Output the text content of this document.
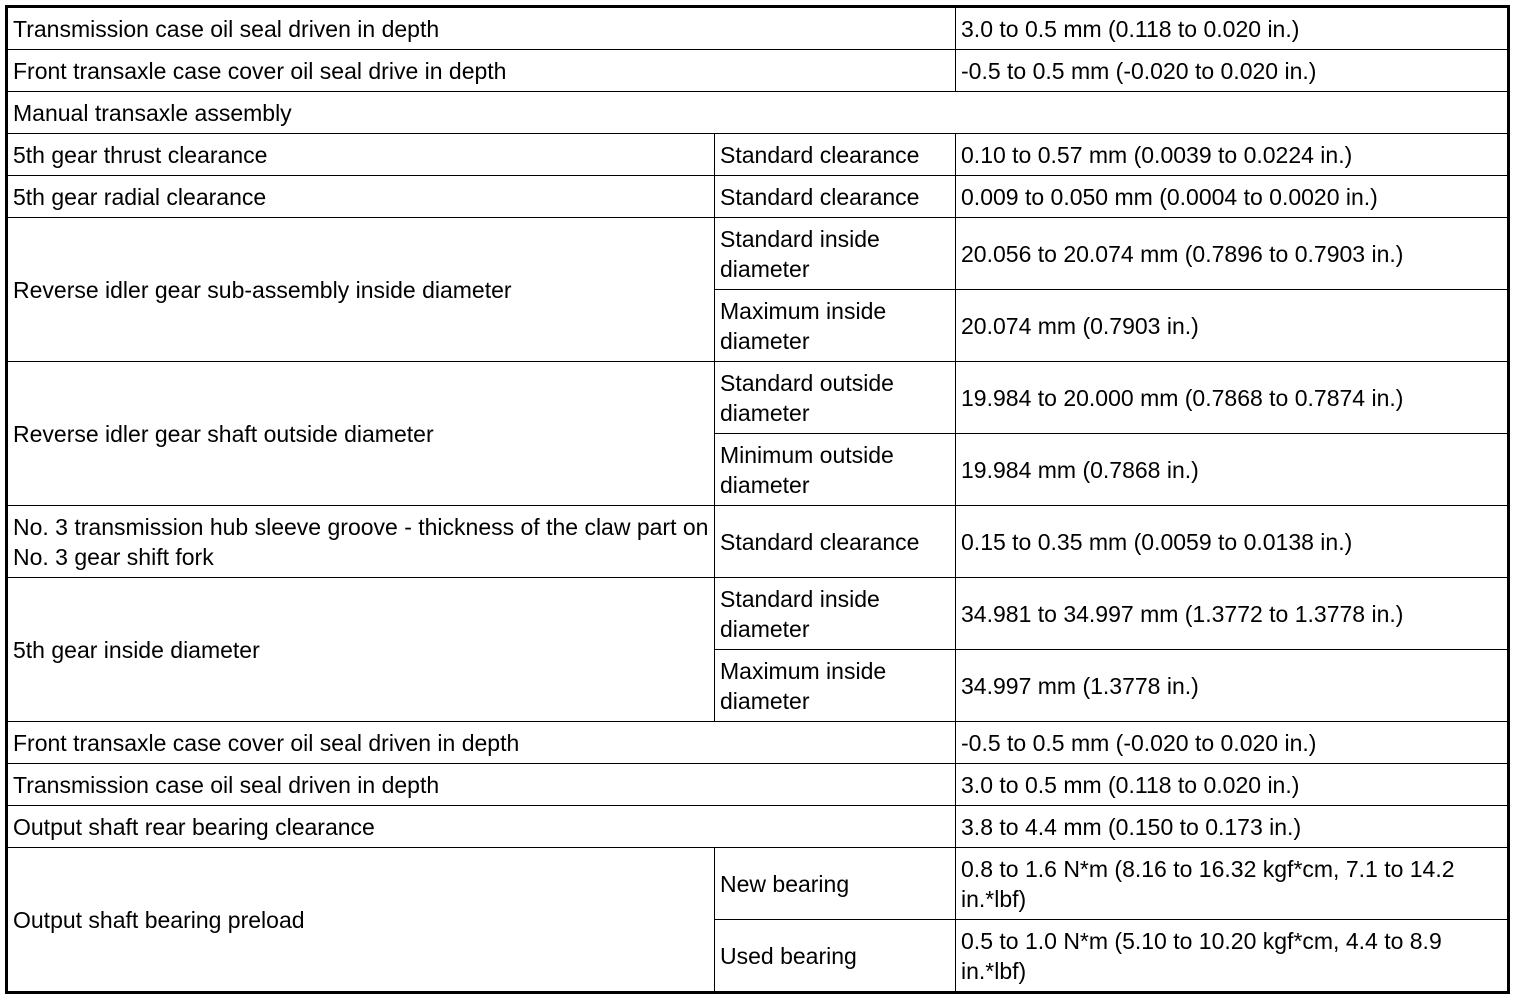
Transmission case oil seal driven in depth		3.0 to 0.5 mm (0.118 to 0.020 in.)
Front transaxle case cover oil seal drive in depth		-0.5 to 0.5 mm (-0.020 to 0.020 in.)
Manual transaxle assembly		
5th gear thrust clearance	Standard clearance	0.10 to 0.57 mm (0.0039 to 0.0224 in.)
5th gear radial clearance	Standard clearance	0.009 to 0.050 mm (0.0004 to 0.0020 in.)
Reverse idler gear sub-assembly inside diameter	Standard inside diameter	20.056 to 20.074 mm (0.7896 to 0.7903 in.)
	Maximum inside diameter	20.074 mm (0.7903 in.)
Reverse idler gear shaft outside diameter	Standard outside diameter	19.984 to 20.000 mm (0.7868 to 0.7874 in.)
	Minimum outside diameter	19.984 mm (0.7868 in.)
No. 3 transmission hub sleeve groove - thickness of the claw part on No. 3 gear shift fork	Standard clearance	0.15 to 0.35 mm (0.0059 to 0.0138 in.)
5th gear inside diameter	Standard inside diameter	34.981 to 34.997 mm (1.3772 to 1.3778 in.)
	Maximum inside diameter	34.997 mm (1.3778 in.)
Front transaxle case cover oil seal driven in depth		-0.5 to 0.5 mm (-0.020 to 0.020 in.)
Transmission case oil seal driven in depth		3.0 to 0.5 mm (0.118 to 0.020 in.)
Output shaft rear bearing clearance		3.8 to 4.4 mm (0.150 to 0.173 in.)
Output shaft bearing preload	New bearing	0.8 to 1.6 N*m (8.16 to 16.32 kgf*cm, 7.1 to 14.2 in.*lbf)
	Used bearing	0.5 to 1.0 N*m (5.10 to 10.20 kgf*cm, 4.4 to 8.9 in.*lbf)
